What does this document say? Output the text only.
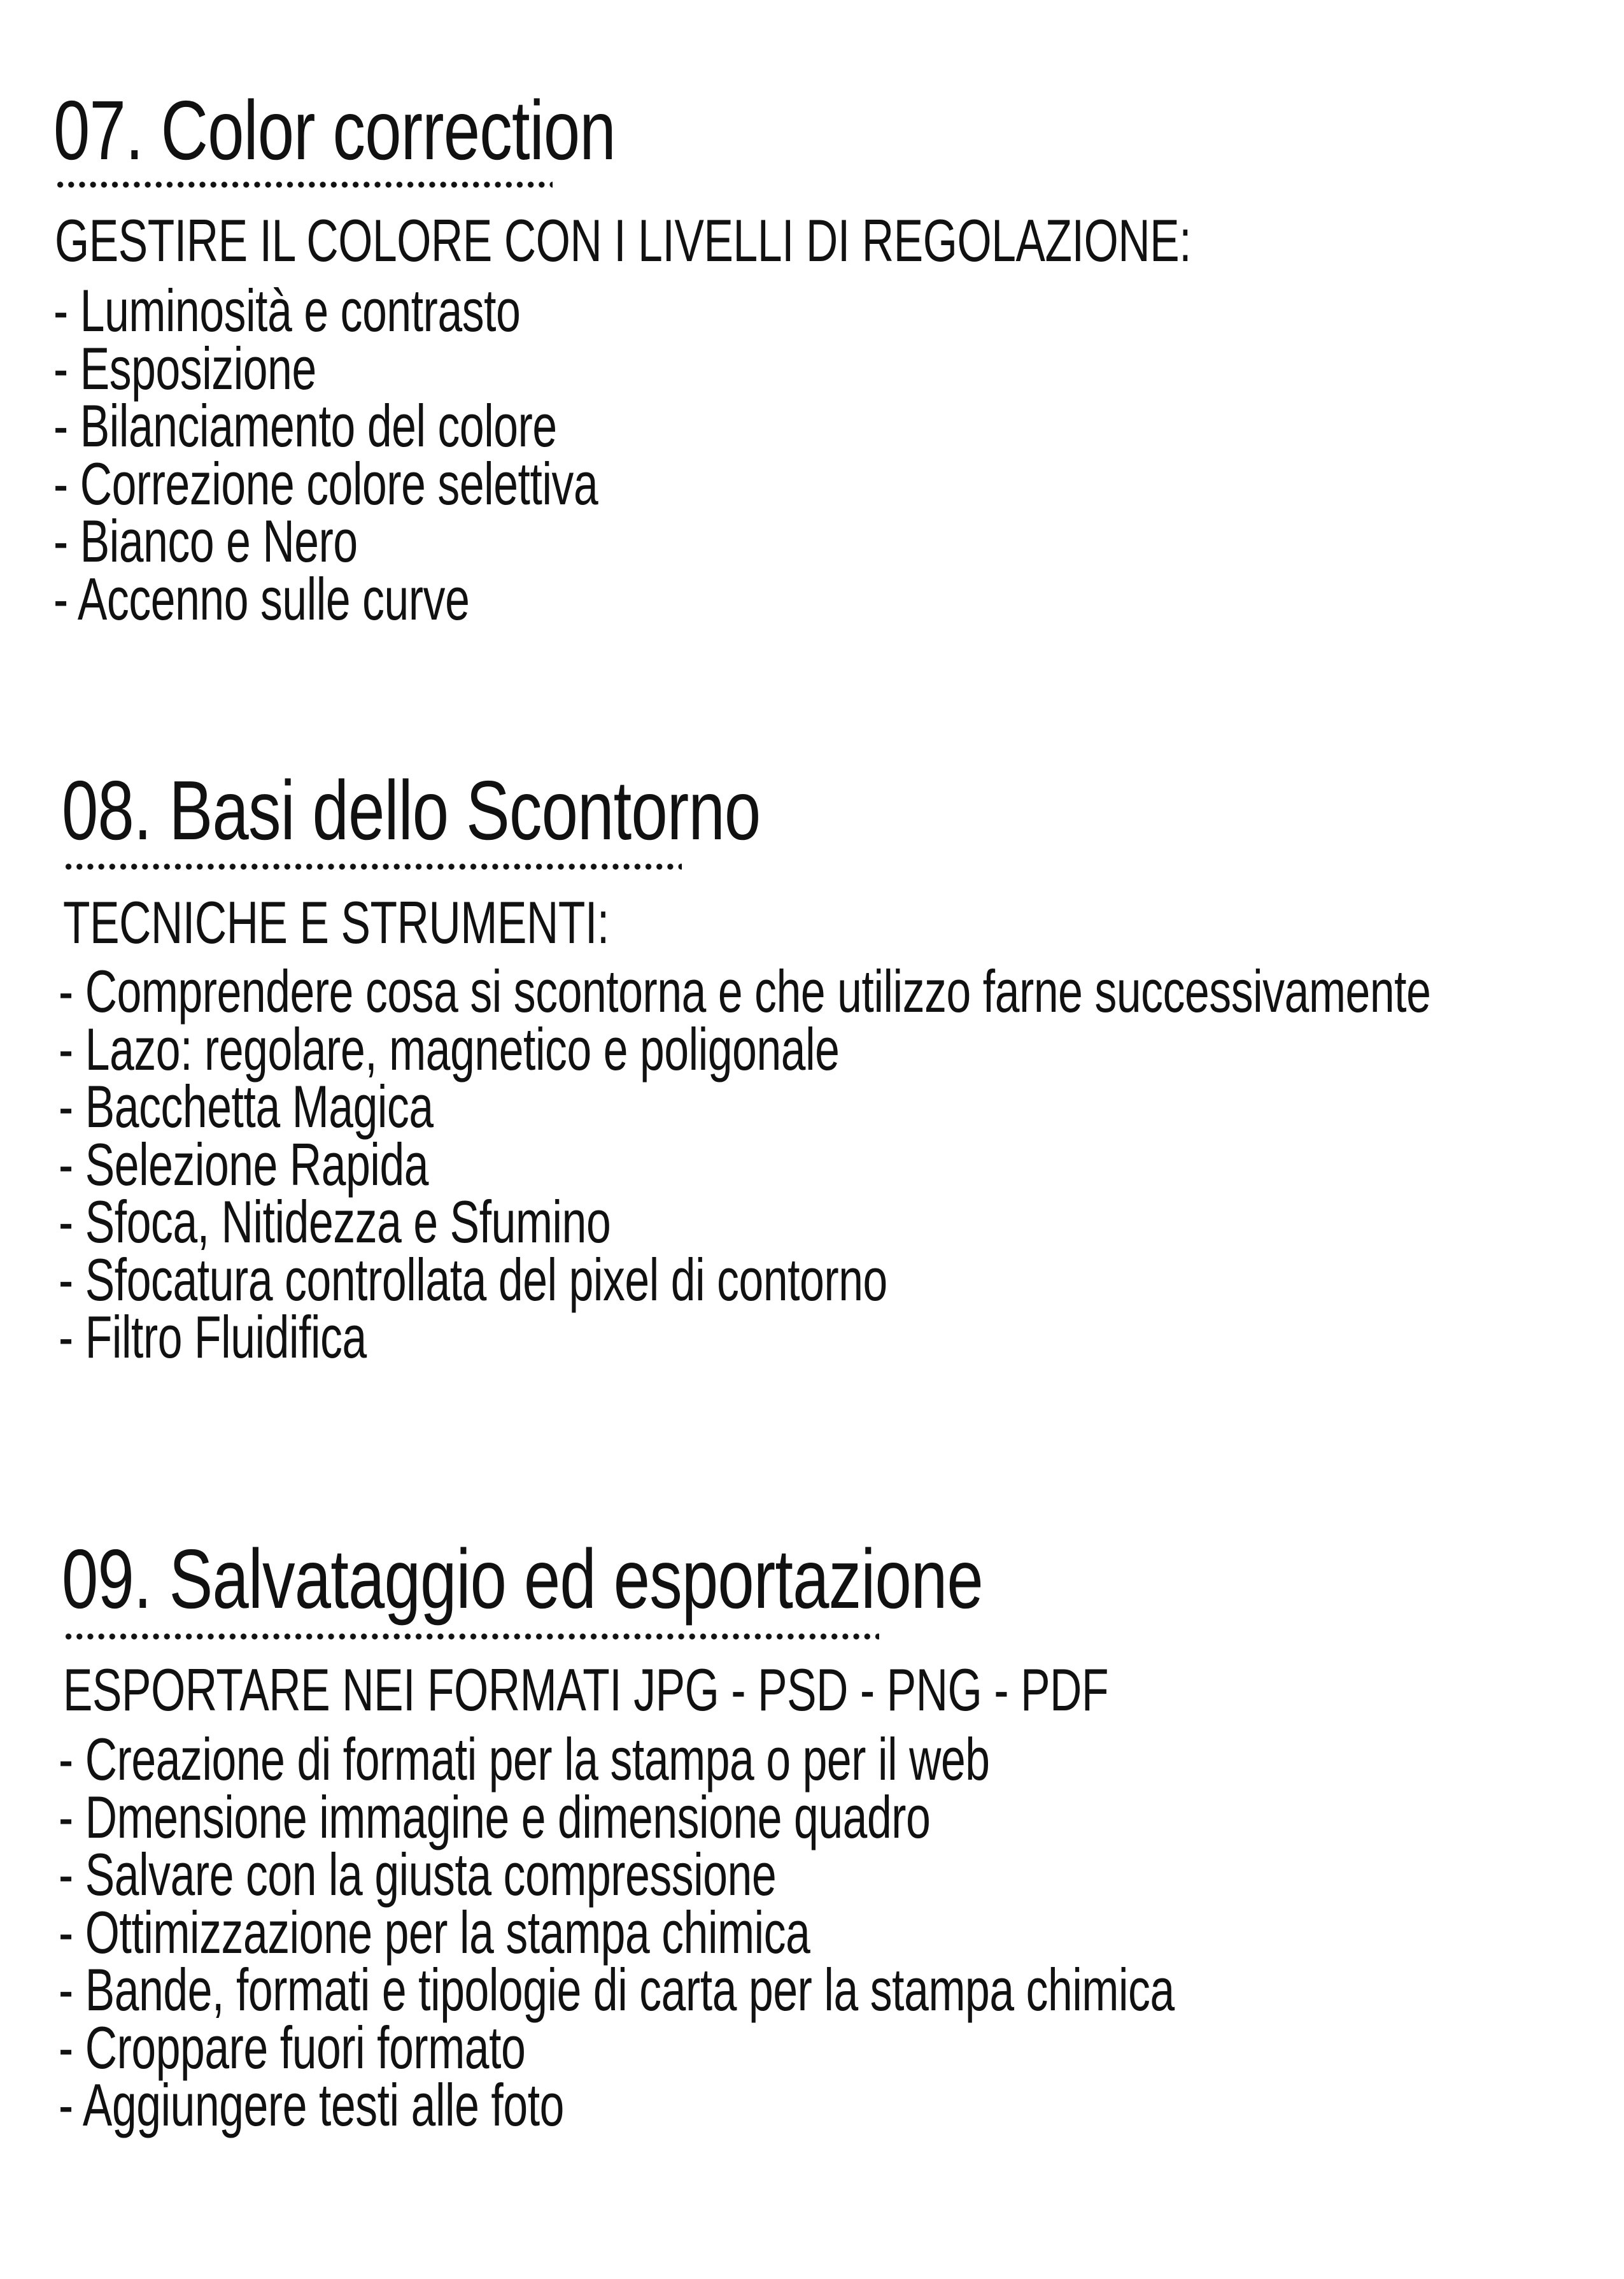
07. Color correction

GESTIRE IL COLORE CON I LIVELLI DI REGOLAZIONE:

- Luminosità e contrasto
- Esposizione
- Bilanciamento del colore
- Correzione colore selettiva
- Bianco e Nero
- Accenno sulle curve
08. Basi dello Scontorno

TECNICHE E STRUMENTI:

- Comprendere cosa si scontorna e che utilizzo farne successivamente
- Lazo: regolare, magnetico e poligonale
- Bacchetta Magica
- Selezione Rapida
- Sfoca, Nitidezza e Sfumino
- Sfocatura controllata del pixel di contorno
- Filtro Fluidifica
09. Salvataggio ed esportazione

ESPORTARE NEI FORMATI JPG - PSD - PNG - PDF

- Creazione di formati per la stampa o per il web
- Dmensione immagine e dimensione quadro
- Salvare con la giusta compressione
- Ottimizzazione per la stampa chimica
- Bande, formati e tipologie di carta per la stampa chimica
- Croppare fuori formato
- Aggiungere testi alle foto
